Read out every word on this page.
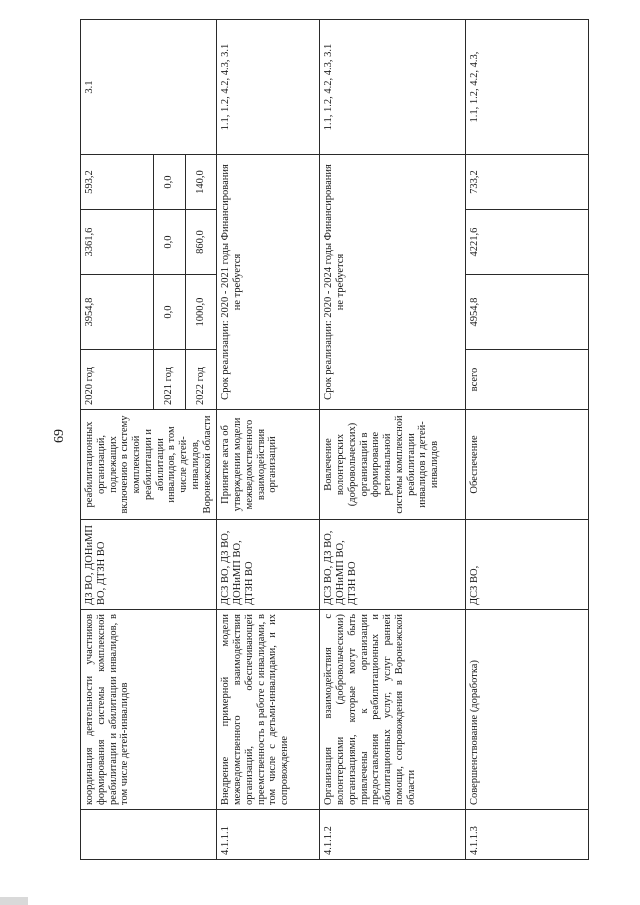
69
	координация деятельности участников формирования системы комплексной реабилитации и абилитации инвалидов, в том числе детей-инвалидов	ДЗ ВО, ДОНиМП ВО, ДТЗН ВО	реабилитационных организаций, подлежащих включению в систему комплексной реабилитации и абилитации инвалидов, в том числе детей-инвалидов, Воронежской области	2020 год	3954,8	3361,6	593,2	3.1
				2021 год	0,0	0,0	0,0	
				2022 год	1000,0	860,0	140,0	
4.1.1.1	Внедрение примерной модели межведомственного взаимодействия организаций, обеспечивающей преемственность в работе с инвалидами, в том числе с детьми-инвалидами, и их сопровождение	ДСЗ ВО, ДЗ ВО, ДОНиМП ВО, ДТЗН ВО	Принятие акта об утверждении модели межведомственного взаимодействия организаций	Срок реализации: 2020 - 2021 годы Финансирования не требуется				1.1, 1.2, 4.2, 4.3, 3.1
4.1.1.2	Организация взаимодействия с волонтерскими (добровольческими) организациями, которые могут быть привлечены к организации предоставления реабилитационных и абилитационных услуг, услуг ранней помощи, сопровождения в Воронежской области	ДСЗ ВО, ДЗ ВО, ДОНиМП ВО, ДТЗН ВО	Вовлечение волонтерских (добровольческих) организаций в формирование региональной системы комплексной реабилитации инвалидов и детей-инвалидов	Срок реализации: 2020 - 2024 годы Финансирования не требуется				1.1, 1.2, 4.2, 4.3, 3.1
4.1.1.3	Совершенствование (доработка)	ДСЗ ВО,	Обеспечение	всего	4954,8	4221,6	733,2	1.1, 1.2, 4.2, 4.3,
